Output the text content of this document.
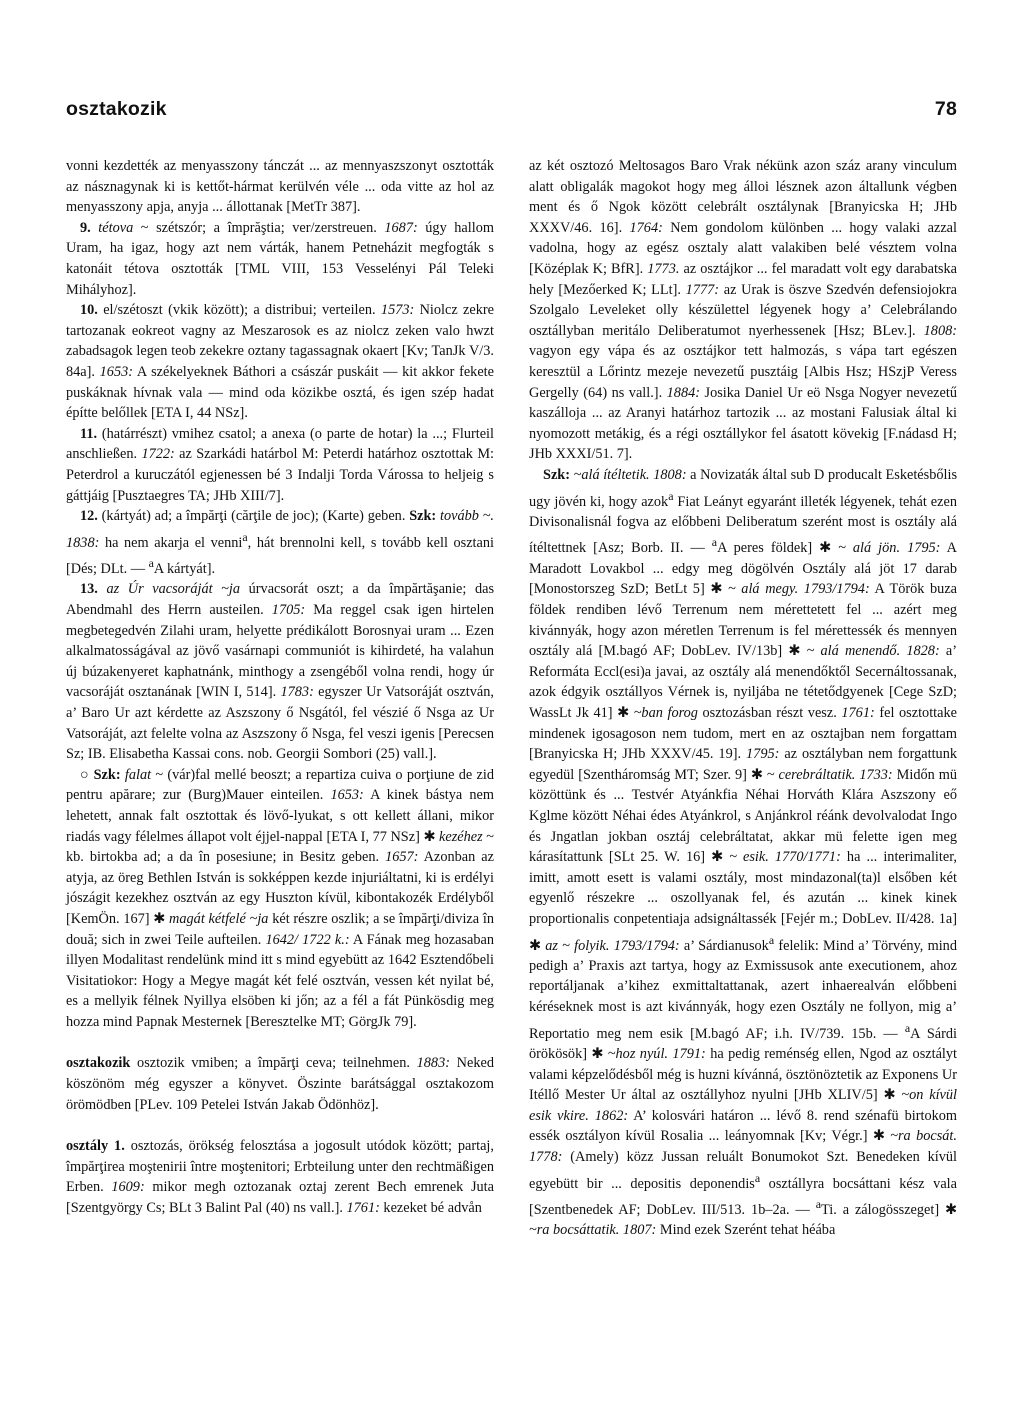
osztakozik	78

vonni kezdették az menyasszony tánczát ... az mennyaszszonyt osztották az násznagynak ki is kettőt-hármat kerülvén véle ... oda vitte az hol az menyasszony apja, anyja ... állottanak [MetTr 387].

9. tétova ~ szétszór; a împrăştia; ver/zerstreuen. 1687: úgy hallom Uram, ha igaz, hogy azt nem várták, hanem Petneházit megfogták s katonáit tétova osztották [TML VIII, 153 Vesselényi Pál Teleki Mihályhoz].

10. el/szétoszt (vkik között); a distribui; verteilen. 1573: Niolcz zekre tartozanak eokreot vagny az Meszarosok es az niolcz zeken valo hwzt zabadsagok legen teob zekekre oztany tagassagnak okaert [Kv; TanJk V/3. 84a]. 1653: A székelyeknek Báthori a császár puskáit — kit akkor fekete puskáknak hívnak vala — mind oda közikbe osztá, és igen szép hadat építte belőllek [ETA I, 44 NSz].

11. (határrészt) vmihez csatol; a anexa (o parte de hotar) la ...; Flurteil anschließen. 1722: az Szarkádi határbol M: Peterdi határhoz osztottak M: Peterdrol a kuruczától egjenessen bé 3 Indalji Torda Várossa to heljeig s gáttjáig [Pusztaegres TA; JHb XIII/7].

12. (kártyát) ad; a împărţi (cărţile de joc); (Karte) geben. Szk: tovább ~. 1838: ha nem akarja el venni$^a$, hát brennolni kell, s tovább kell osztani [Dés; DLt. — $^a$A kártyát].

13. az Úr vacsoráját ~ja úrvacsorát oszt; a da împărtăşanie; das Abendmahl des Herrn austeilen. 1705: Ma reggel csak igen hirtelen megbetegedvén Zilahi uram, helyette prédikálott Borosnyai uram ... Ezen alkalmatosságával az jövő vasárnapi communiót is kihirdeté, ha valahun új búzakenyeret kaphatnánk, minthogy a zsengéből volna rendi, hogy úr vacsoráját osztanának [WIN I, 514]. 1783: egyszer Ur Vatsoráját osztván, a’ Baro Ur azt kérdette az Aszszony ő Nsgától, fel vészié ő Nsga az Ur Vatsoráját, azt felelte volna az Aszszony ő Nsga, fel veszi igenis [Perecsen Sz; IB. Elisabetha Kassai cons. nob. Georgii Sombori (25) vall.].

○ Szk: falat ~ (vár)fal mellé beoszt; a repartiza cuiva o porţiune de zid pentru apărare; zur (Burg)Mauer einteilen. 1653: A kinek bástya nem lehetett, annak falt osztottak és lövő-lyukat, s ott kellett állani, mikor riadás vagy félelmes állapot volt éjjel-nappal [ETA I, 77 NSz] ✱ kezéhez ~ kb. birtokba ad; a da în posesiune; in Besitz geben. 1657: Azonban az atyja, az öreg Bethlen István is sokképpen kezde injuriáltatni, ki is erdélyi jószágit kezekhez osztván az egy Huszton kívül, kibontakozék Erdélyből [KemÖn. 167] ✱ magát kétfelé ~ja két részre oszlik; a se împărţi/diviza în două; sich in zwei Teile aufteilen. 1642/ 1722 k.: A Fának meg hozasaban illyen Modalitast rendelünk mind itt s mind egyebütt az 1642 Esztendőbeli Visitatiokor: Hogy a Megye magát két felé osztván, vessen két nyilat bé, es a mellyik félnek Nyillya elsöben ki jőn; az a fél a fát Pünkösdig meg hozza mind Papnak Mesternek [Beresztelke MT; GörgJk 79].

osztakozik osztozik vmiben; a împărţi ceva; teilnehmen. 1883: Neked köszönöm még egyszer a könyvet. Öszinte barátsággal osztakozom örömödben [PLev. 109 Petelei István Jakab Ödönhöz].

osztály 1. osztozás, örökség felosztása a jogosult utódok között; partaj, împărţirea moştenirii între moştenitori; Erbteilung unter den rechtmäßigen Erben. 1609: mikor megh oztozanak oztaj zerent Bech emrenek Juta [Szentgyörgy Cs; BLt 3 Balint Pal (40) ns vall.]. 1761: kezeket bé advån

az két osztozó Meltosagos Baro Vrak nékünk azon száz arany vinculum alatt obligalák magokot hogy meg álloi lésznek azon általlunk végben ment és ő Ngok között celebrált osztálynak [Branyicska H; JHb XXXV/46. 16]. 1764: Nem gondolom különben ... hogy valaki azzal vadolna, hogy az egész osztaly alatt valakiben belé vésztem volna [Középlak K; BfR]. 1773. az osztájkor ... fel maradatt volt egy darabatska hely [Mezőerked K; LLt]. 1777: az Urak is öszve Szedvén defensiojokra Szolgalo Leveleket olly készülettel légyenek hogy a’ Celebrálando osztállyban meritálo Deliberatumot nyerhessenek [Hsz; BLev.]. 1808: vagyon egy vápa és az osztájkor tett halmozás, s vápa tart egészen keresztül a Lőrintz mezeje nevezetű pusztáig [Albis Hsz; HSzjP Veress Gergelly (64) ns vall.]. 1884: Josika Daniel Ur eö Nsga Nogyer nevezetű kaszálloja ... az Aranyi határhoz tartozik ... az mostani Falusiak által ki nyomozott metákig, és a régi osztállykor fel ásatott kövekig [F.nádasd H; JHb XXXI/51. 7].

Szk: ~alá ítéltetik. 1808: a Novizaták által sub D producalt Esketésbőlis ugy jövén ki, hogy azok$^a$ Fiat Leányt egyaránt illeték légyenek, tehát ezen Divisonalisnál fogva az előbbeni Deliberatum szerént most is osztály alá ítéltettnek [Asz; Borb. II. — $^a$A peres földek] ✱ ~ alá jön. 1795: A Maradott Lovakbol ... edgy meg dögölvén Osztály alá jöt 17 darab [Monostorszeg SzD; BetLt 5] ✱ ~ alá megy. 1793/1794: A Török buza földek rendiben lévő Terrenum nem mérettetett fel ... azért meg kivánnyák, hogy azon méretlen Terrenum is fel mérettessék és mennyen osztály alá [M.bagó AF; DobLev. IV/13b] ✱ ~ alá menendő. 1828: a’ Reformáta Eccl(esi)a javai, az osztály alá menendőktől Secernáltossanak, azok édgyik osztállyos Vérnek is, nyiljába ne tétetődgyenek [Cege SzD; WassLt Jk 41] ✱ ~ban forog osztozásban részt vesz. 1761: fel osztottake mindenek igosagoson nem tudom, mert en az osztajban nem forgattam [Branyicska H; JHb XXXV/45. 19]. 1795: az osztályban nem forgattunk egyedül [Szentháromság MT; Szer. 9] ✱ ~ cerebráltatik. 1733: Midőn mü közöttünk és ... Testvér Atyánkfia Néhai Horváth Klára Aszszony eő Kglme között Néhai édes Atyánkrol, s Anjánkrol réánk devolvalodat Ingo és Jngatlan jokban osztáj celebráltatat, akkar mü felette igen meg kárasítattunk [SLt 25. W. 16] ✱ ~ esik. 1770/1771: ha ... interimaliter, imitt, amott esett is valami osztály, most mindazonal(ta)l elsőben két egyenlő részekre ... oszollyanak fel, és azután ... kinek kinek proportionalis conpetentiaja adsignáltassék [Fejér m.; DobLev. II/428. 1a] ✱ az ~ folyik. 1793/1794: a’ Sárdianusok$^a$ felelik: Mind a’ Törvény, mind pedigh a’ Praxis azt tartya, hogy az Exmissusok ante executionem, ahoz reportáljanak a’kihez exmittaltattanak, azert inhaerealván előbbeni kéréseknek most is azt kivánnyák, hogy ezen Osztály ne follyon, mig a’ Reportatio meg nem esik [M.bagó AF; i.h. IV/739. 15b. — $^a$A Sárdi örökösök] ✱ ~hoz nyúl. 1791: ha pedig reménség ellen, Ngod az osztályt valami képzelődésből még is huzni kívánná, ösztönöztetik az Exponens Ur Itéllő Mester Ur által az osztállyhoz nyulni [JHb XLIV/5] ✱ ~on kívül esik vkire. 1862: A’ kolosvári határon ... lévő 8. rend szénafü birtokom essék osztályon kívül Rosalia ... leányomnak [Kv; Végr.] ✱ ~ra bocsát. 1778: (Amely) közz Jussan reluált Bonumokot Szt. Benedeken kívül egyebütt bir ... depositis deponendis$^a$ osztállyra bocsáttani kész vala [Szentbenedek AF; DobLev. III/513. 1b–2a. — $^a$Ti. a zálogösszeget] ✱ ~ra bocsáttatik. 1807: Mind ezek Szerént tehat héába
